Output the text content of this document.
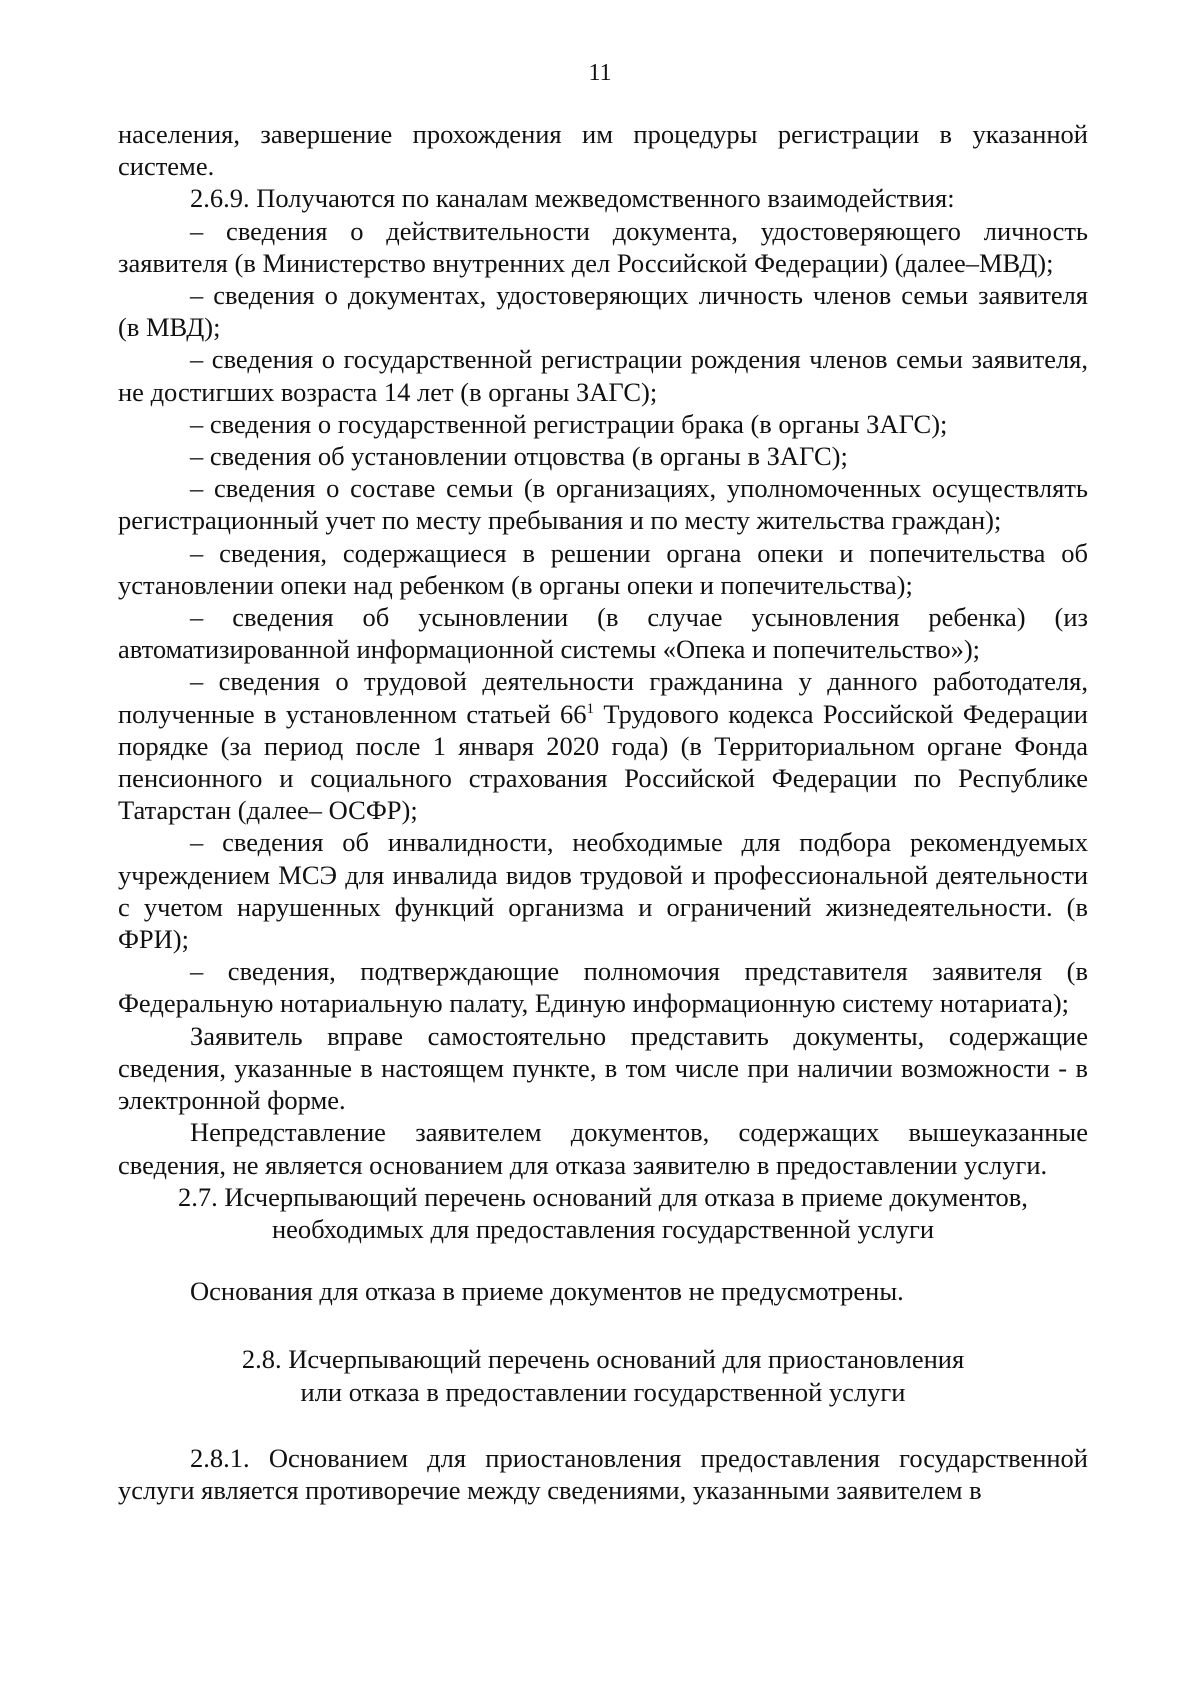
11

населения, завершение прохождения им процедуры регистрации в указанной системе.

2.6.9. Получаются по каналам межведомственного взаимодействия:

– сведения о действительности документа, удостоверяющего личность заявителя (в Министерство внутренних дел Российской Федерации) (далее–МВД);

– сведения о документах, удостоверяющих личность членов семьи заявителя (в МВД);

– сведения о государственной регистрации рождения членов семьи заявителя, не достигших возраста 14 лет (в органы ЗАГС);

– сведения о государственной регистрации брака (в органы ЗАГС);

– сведения об установлении отцовства (в органы в ЗАГС);

– сведения о составе семьи (в организациях, уполномоченных осуществлять регистрационный учет по месту пребывания и по месту жительства граждан);

– сведения, содержащиеся в решении органа опеки и попечительства об установлении опеки над ребенком (в органы опеки и попечительства);

– сведения об усыновлении (в случае усыновления ребенка) (из автоматизированной информационной системы «Опека и попечительство»);

– сведения о трудовой деятельности гражданина у данного работодателя, полученные в установленном статьей $66^1$ Трудового кодекса Российской Федерации порядке (за период после 1 января 2020 года) (в Территориальном органе Фонда пенсионного и социального страхования Российской Федерации по Республике Татарстан (далее– ОСФР);

– сведения об инвалидности, необходимые для подбора рекомендуемых учреждением МСЭ для инвалида видов трудовой и профессиональной деятельности с учетом нарушенных функций организма и ограничений жизнедеятельности. (в ФРИ);

– сведения, подтверждающие полномочия представителя заявителя (в Федеральную нотариальную палату, Единую информационную систему нотариата);

Заявитель вправе самостоятельно представить документы, содержащие сведения, указанные в настоящем пункте, в том числе при наличии возможности - в электронной форме.

Непредставление заявителем документов, содержащих вышеуказанные сведения, не является основанием для отказа заявителю в предоставлении услуги.

2.7. Исчерпывающий перечень оснований для отказа в приеме документов,
необходимых для предоставления государственной услуги

Основания для отказа в приеме документов не предусмотрены.

2.8. Исчерпывающий перечень оснований для приостановления
или отказа в предоставлении государственной услуги

2.8.1. Основанием для приостановления предоставления государственной услуги является противоречие между сведениями, указанными заявителем в
